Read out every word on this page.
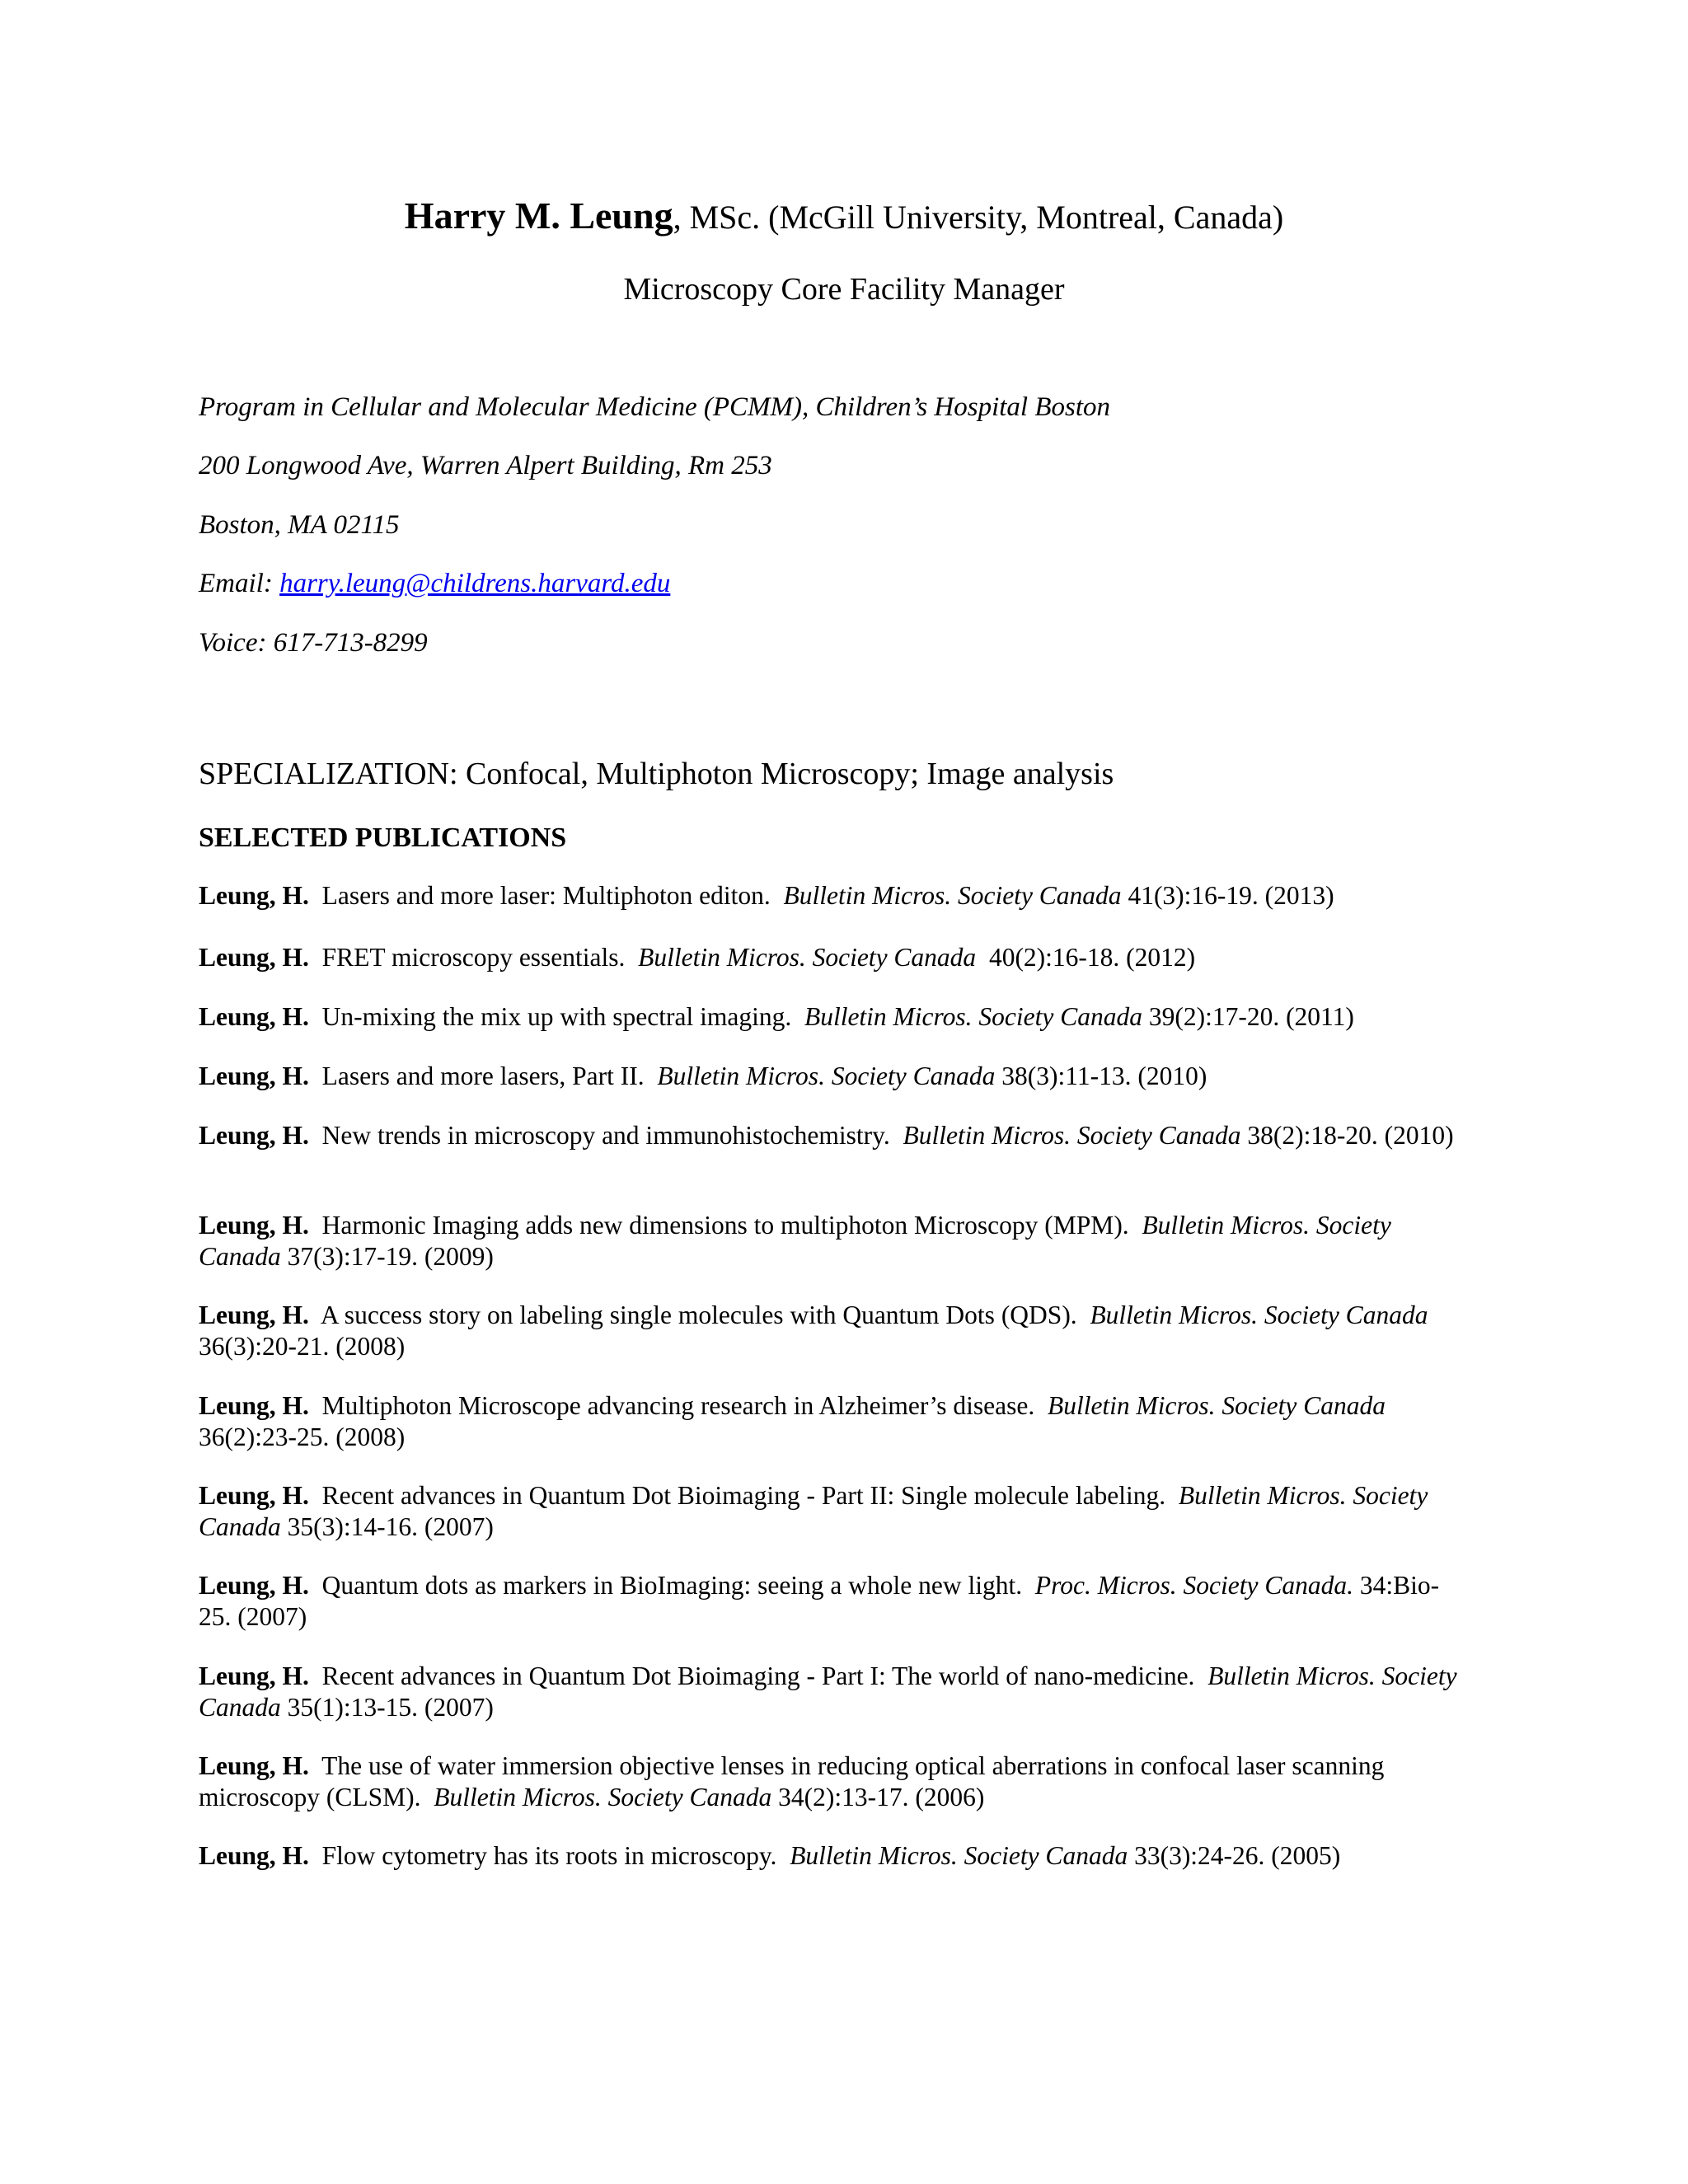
Harry M. Leung, MSc. (McGill University, Montreal, Canada)
Microscopy Core Facility Manager
Program in Cellular and Molecular Medicine (PCMM), Children’s Hospital Boston
200 Longwood Ave, Warren Alpert Building, Rm 253
Boston, MA 02115
Email: harry.leung@childrens.harvard.edu
Voice: 617-713-8299
SPECIALIZATION: Confocal, Multiphoton Microscopy; Image analysis
SELECTED PUBLICATIONS
Leung, H. Lasers and more laser: Multiphoton editon. Bulletin Micros. Society Canada 41(3):16-19. (2013)
Leung, H. FRET microscopy essentials. Bulletin Micros. Society Canada 40(2):16-18. (2012)
Leung, H. Un-mixing the mix up with spectral imaging. Bulletin Micros. Society Canada 39(2):17-20. (2011)
Leung, H. Lasers and more lasers, Part II. Bulletin Micros. Society Canada 38(3):11-13. (2010)
Leung, H. New trends in microscopy and immunohistochemistry. Bulletin Micros. Society Canada 38(2):18-20. (2010)
Leung, H. Harmonic Imaging adds new dimensions to multiphoton Microscopy (MPM). Bulletin Micros. Society Canada 37(3):17-19. (2009)
Leung, H. A success story on labeling single molecules with Quantum Dots (QDS). Bulletin Micros. Society Canada 36(3):20-21. (2008)
Leung, H. Multiphoton Microscope advancing research in Alzheimer’s disease. Bulletin Micros. Society Canada 36(2):23-25. (2008)
Leung, H. Recent advances in Quantum Dot Bioimaging - Part II: Single molecule labeling. Bulletin Micros. Society Canada 35(3):14-16. (2007)
Leung, H. Quantum dots as markers in BioImaging: seeing a whole new light. Proc. Micros. Society Canada. 34:Bio-25. (2007)
Leung, H. Recent advances in Quantum Dot Bioimaging - Part I: The world of nano-medicine. Bulletin Micros. Society Canada 35(1):13-15. (2007)
Leung, H. The use of water immersion objective lenses in reducing optical aberrations in confocal laser scanning microscopy (CLSM). Bulletin Micros. Society Canada 34(2):13-17. (2006)
Leung, H. Flow cytometry has its roots in microscopy. Bulletin Micros. Society Canada 33(3):24-26. (2005)
